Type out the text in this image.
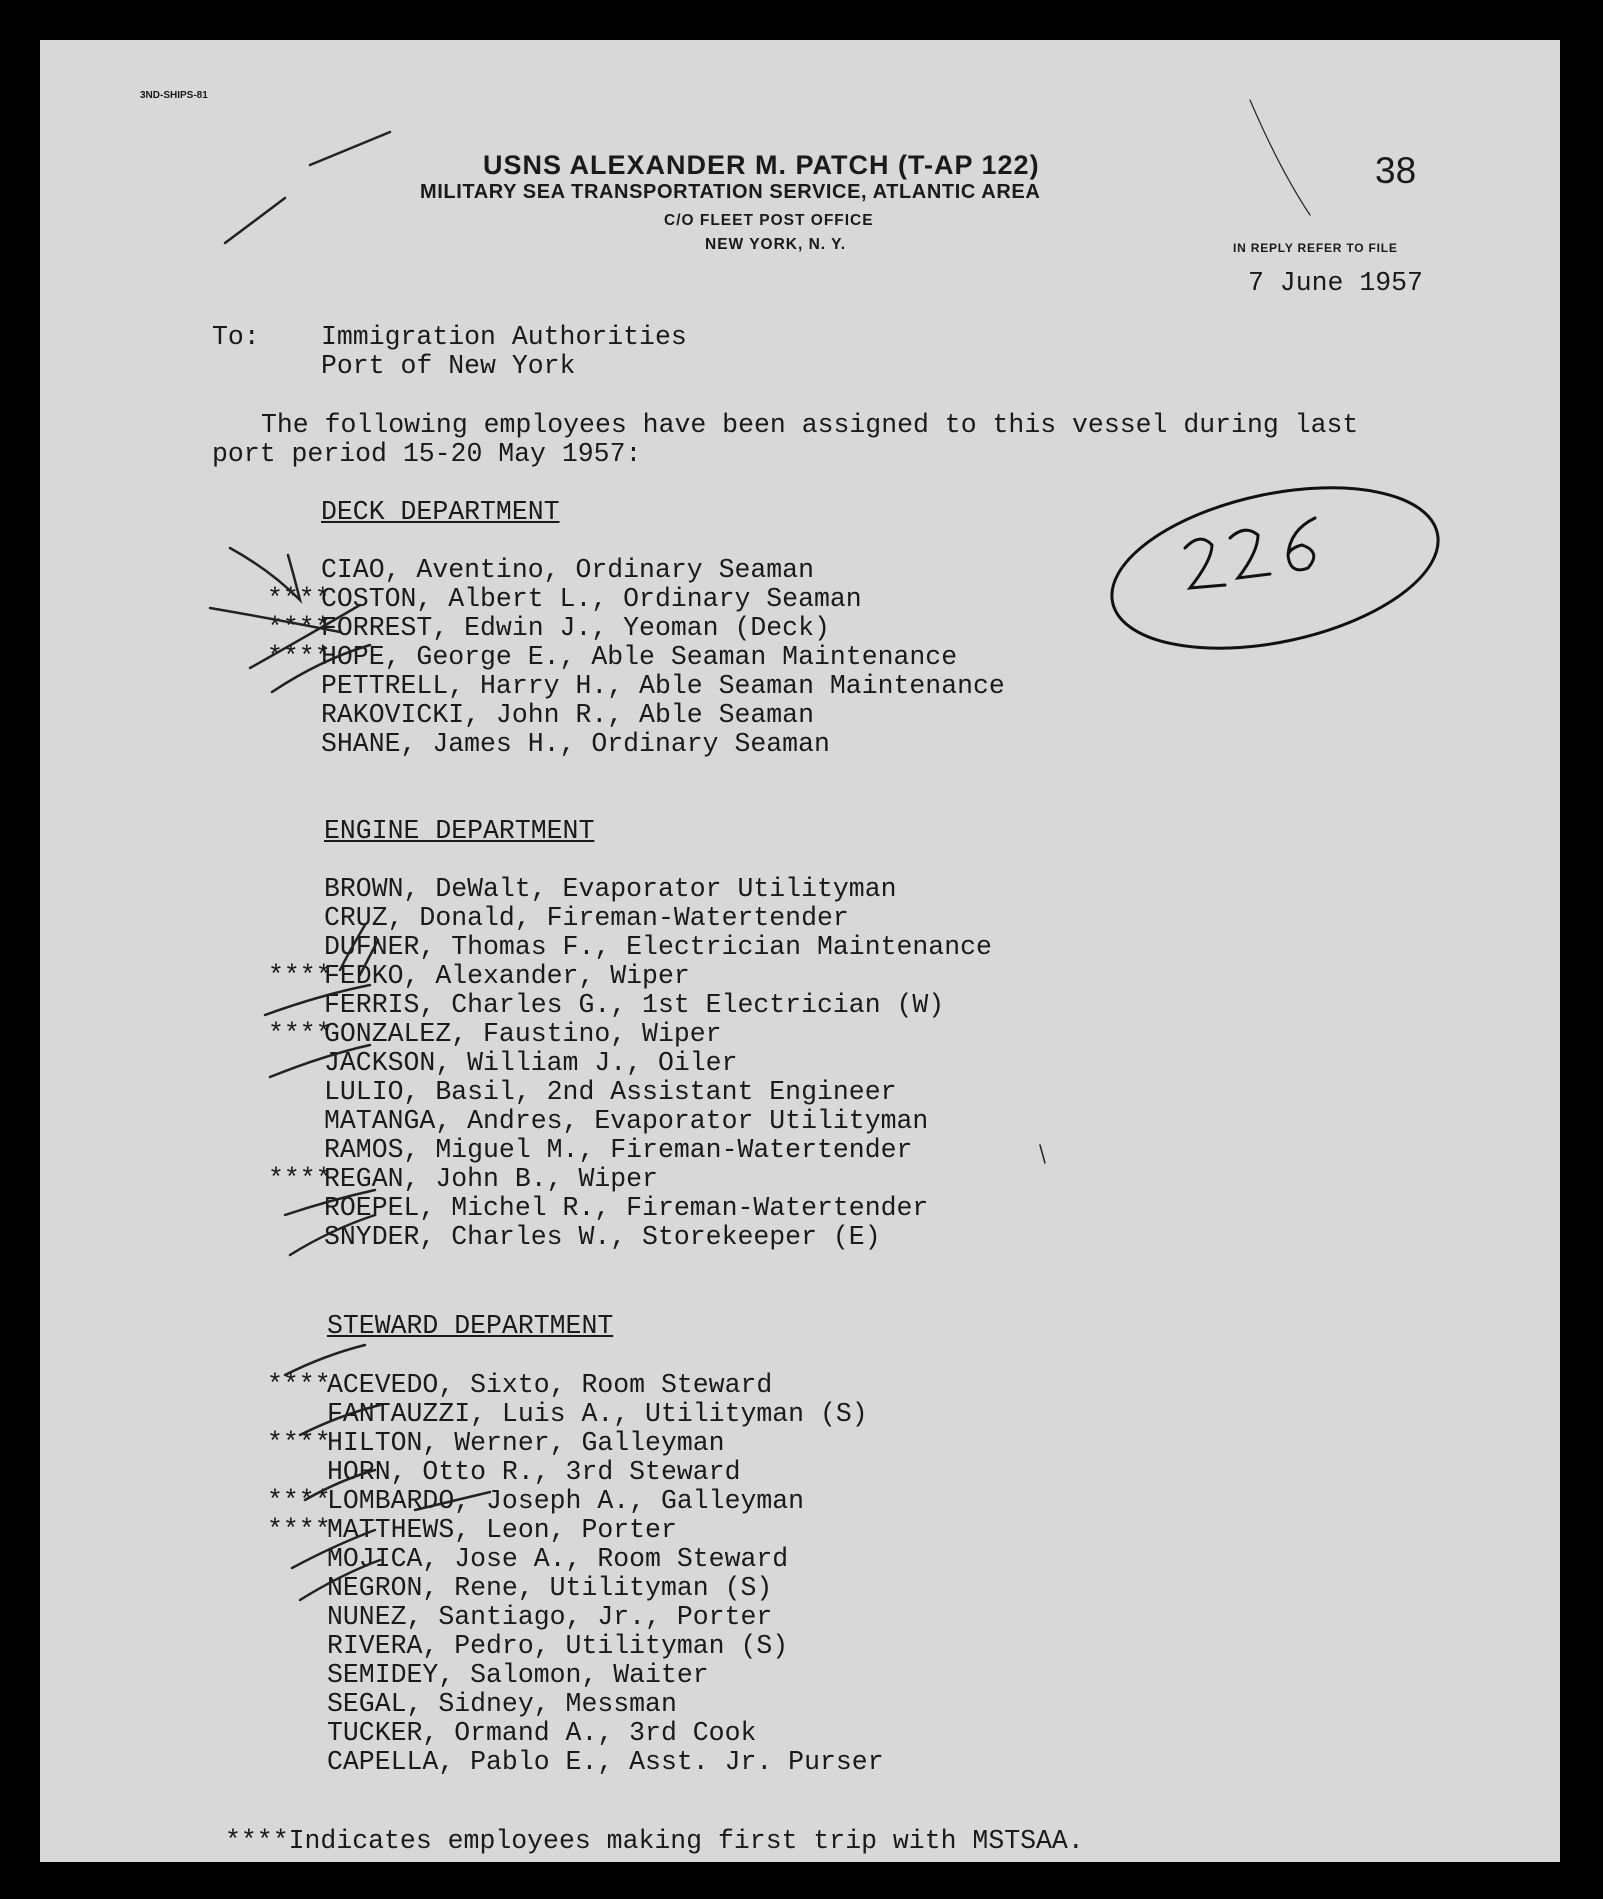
3ND-SHIPS-81
USNS ALEXANDER M. PATCH (T-AP 122)
MILITARY SEA TRANSPORTATION SERVICE, ATLANTIC AREA
C/O FLEET POST OFFICE
NEW YORK, N. Y.
38
IN REPLY REFER TO FILE
7 June 1957
To: Immigration Authorities
Port of New York
The following employees have been assigned to this vessel during last
port period 15-20 May 1957:
DECK DEPARTMENT
CIAO, Aventino, Ordinary Seaman
****
COSTON, Albert L., Ordinary Seaman
****
FORREST, Edwin J., Yeoman (Deck)
****
HOPE, George E., Able Seaman Maintenance
PETTRELL, Harry H., Able Seaman Maintenance
RAKOVICKI, John R., Able Seaman
SHANE, James H., Ordinary Seaman
ENGINE DEPARTMENT
BROWN, DeWalt, Evaporator Utilityman
CRUZ, Donald, Fireman-Watertender
DUFNER, Thomas F., Electrician Maintenance
****
FEDKO, Alexander, Wiper
FERRIS, Charles G., 1st Electrician (W)
****
GONZALEZ, Faustino, Wiper
JACKSON, William J., Oiler
LULIO, Basil, 2nd Assistant Engineer
MATANGA, Andres, Evaporator Utilityman
RAMOS, Miguel M., Fireman-Watertender
****
REGAN, John B., Wiper
ROEPEL, Michel R., Fireman-Watertender
SNYDER, Charles W., Storekeeper (E)
STEWARD DEPARTMENT
****
ACEVEDO, Sixto, Room Steward
FANTAUZZI, Luis A., Utilityman (S)
****
HILTON, Werner, Galleyman
HORN, Otto R., 3rd Steward
****
LOMBARDO, Joseph A., Galleyman
****
MATTHEWS, Leon, Porter
MOJICA, Jose A., Room Steward
NEGRON, Rene, Utilityman (S)
NUNEZ, Santiago, Jr., Porter
RIVERA, Pedro, Utilityman (S)
SEMIDEY, Salomon, Waiter
SEGAL, Sidney, Messman
TUCKER, Ormand A., 3rd Cook
CAPELLA, Pablo E., Asst. Jr. Purser
****Indicates employees making first trip with MSTSAA.
